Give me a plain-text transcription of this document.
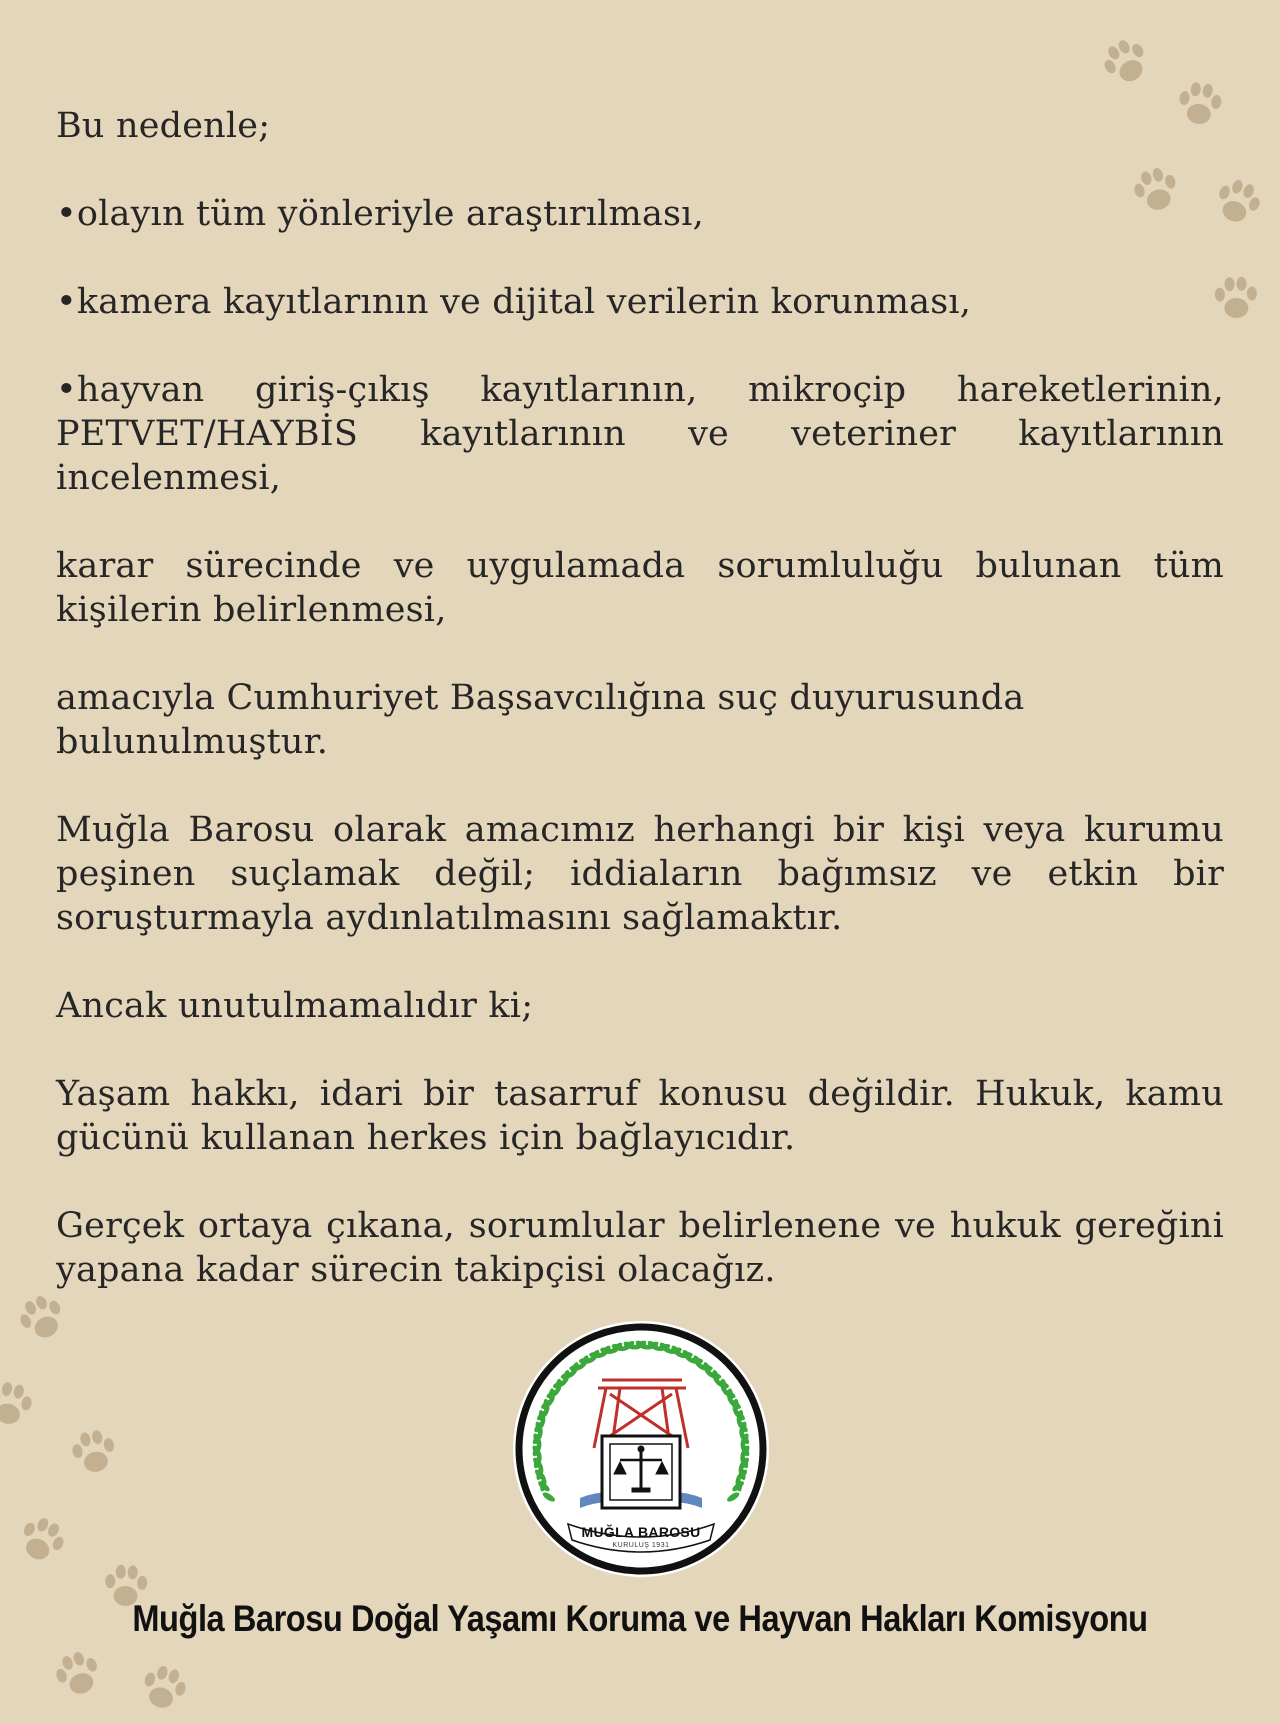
Bu nedenle;

•olayın tüm yönleriyle araştırılması,

•kamera kayıtlarının ve dijital verilerin korunması,

•hayvan giriş-çıkış kayıtlarının, mikroçip hareketlerinin, PETVET/HAYBİS kayıtlarının ve veteriner kayıtlarının incelenmesi,

karar sürecinde ve uygulamada sorumluluğu bulunan tüm kişilerin belirlenmesi,

amacıyla Cumhuriyet Başsavcılığına suç duyurusunda bulunulmuştur.

Muğla Barosu olarak amacımız herhangi bir kişi veya kurumu peşinen suçlamak değil; iddiaların bağımsız ve etkin bir soruşturmayla aydınlatılmasını sağlamaktır.

Ancak unutulmamalıdır ki;

Yaşam hakkı, idari bir tasarruf konusu değildir. Hukuk, kamu gücünü kullanan herkes için bağlayıcıdır.

Gerçek ortaya çıkana, sorumlular belirlenene ve hukuk gereğini yapana kadar sürecin takipçisi olacağız.

MUĞLA BAROSU
KURULUŞ 1931
Muğla Barosu Doğal Yaşamı Koruma ve Hayvan Hakları Komisyonu
